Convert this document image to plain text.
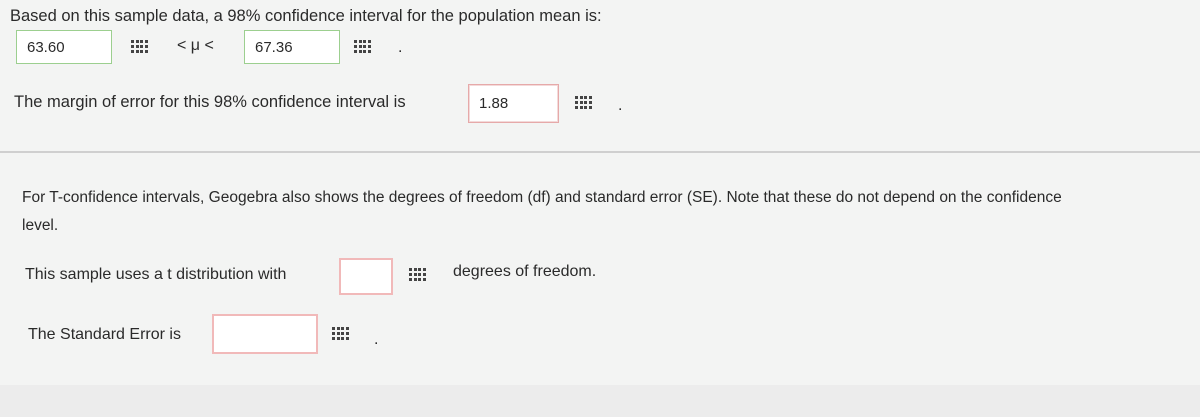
Based on this sample data, a 98% confidence interval for the population mean is:
63.60	< μ <	67.36	.
The margin of error for this 98% confidence interval is	1.88	.
For T-confidence intervals, Geogebra also shows the degrees of freedom (df) and standard error (SE). Note that these do not depend on the confidence
level.
This sample uses a t distribution with	degrees of freedom.
The Standard Error is	.
